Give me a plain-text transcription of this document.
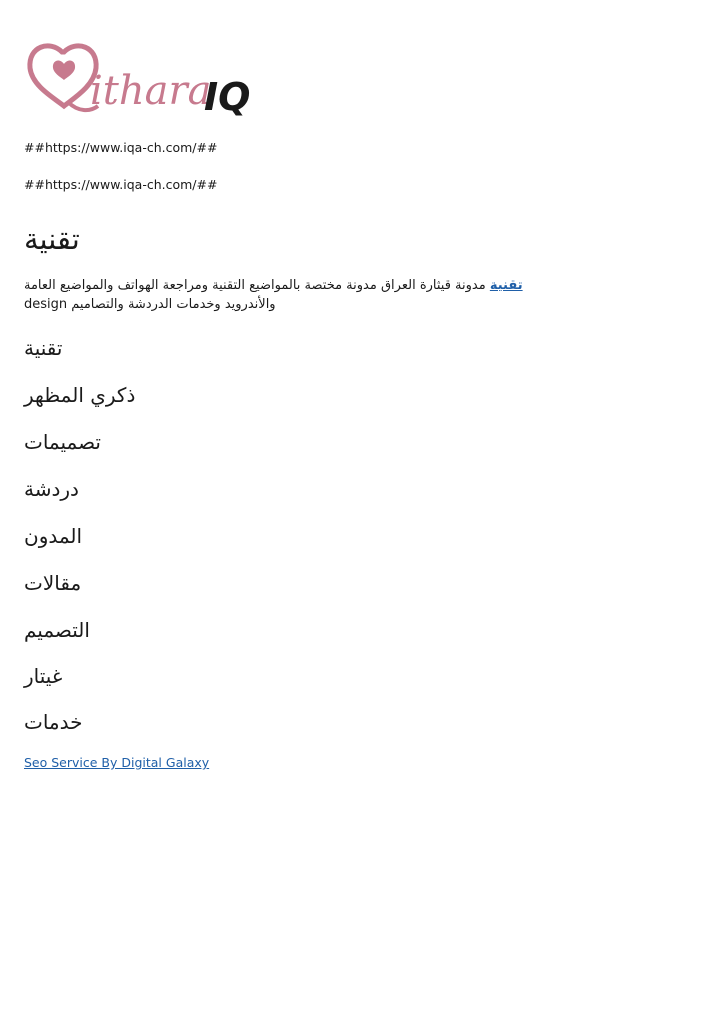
ithara
IQ
##https://www.iqa-ch.com/##
##https://www.iqa-ch.com/##
تقنية
تقنية مدونة قيثارة العراق مدونة مختصة بالمواضيع التقنية ومراجعة الهواتف والمواضيع العامة
والأندرويد وخدمات الدردشة والتصاميم design
تقنية
ذكري المظهر
تصميمات
دردشة
المدون
مقالات
التصميم
غيتار
خدمات
Seo Service By Digital Galaxy
